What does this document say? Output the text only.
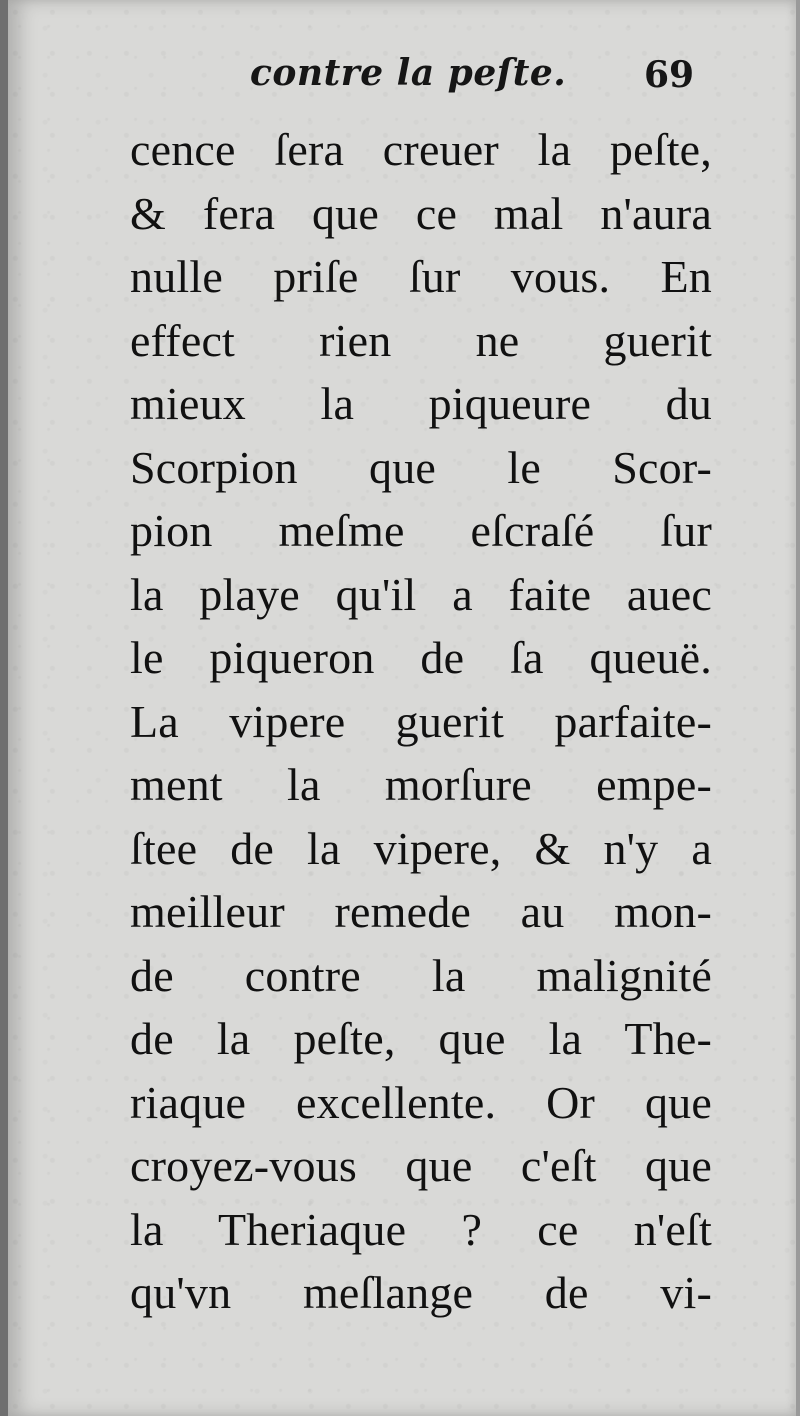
contre la peſte. 69
cence ſera creuer la peſte,
& fera que ce mal n'aura
nulle priſe ſur vous. En
effect rien ne guerit
mieux la piqueure du
Scorpion que le Scor-
pion meſme eſcraſé ſur
la playe qu'il a faite auec
le piqueron de ſa queuë.
La vipere guerit parfaite-
ment la morſure empe-
ſtee de la vipere, & n'y a
meilleur remede au mon-
de contre la malignité
de la peſte, que la The-
riaque excellente. Or que
croyez-vous que c'eſt que
la Theriaque ? ce n'eſt
qu'vn meſlange de vi-
